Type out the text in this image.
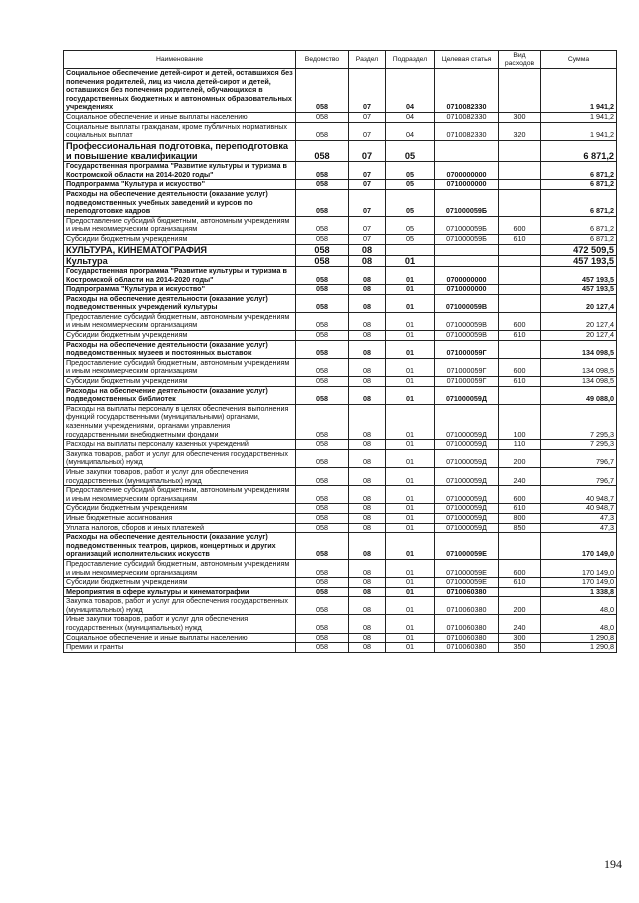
Наименование	Ведомство	Раздел	Подраздел	Целевая статья	Вид расходов	Сумма
Социальное обеспечение детей-сирот и детей, оставшихся без попечения родителей, лиц из числа детей-сирот и детей, оставшихся без попечения родителей, обучающихся в государственных бюджетных и автономных образовательных учреждениях	058	07	04	0710082330		1 941,2
Социальное обеспечение и иные выплаты населению	058	07	04	0710082330	300	1 941,2
Социальные выплаты гражданам, кроме публичных нормативных социальных выплат	058	07	04	0710082330	320	1 941,2
Профессиональная подготовка, переподготовка и повышение квалификации	058	07	05			6 871,2
Государственная программа "Развитие культуры и туризма в Костромской области на 2014-2020 годы"	058	07	05	0700000000		6 871,2
Подпрограмма "Культура и искусство"	058	07	05	0710000000		6 871,2
Расходы на обеспечение деятельности (оказание услуг) подведомственных учебных заведений и курсов по переподготовке кадров	058	07	05	071000059Б		6 871,2
Предоставление субсидий бюджетным, автономным учреждениям и иным некоммерческим организациям	058	07	05	071000059Б	600	6 871,2
Субсидии бюджетным учреждениям	058	07	05	071000059Б	610	6 871,2
КУЛЬТУРА, КИНЕМАТОГРАФИЯ	058	08				472 509,5
Культура	058	08	01			457 193,5
Государственная программа "Развитие культуры и туризма в Костромской области на 2014-2020 годы"	058	08	01	0700000000		457 193,5
Подпрограмма "Культура и искусство"	058	08	01	0710000000		457 193,5
Расходы на обеспечение деятельности (оказание услуг) подведомственных учреждений культуры	058	08	01	071000059В		20 127,4
Предоставление субсидий бюджетным, автономным учреждениям и иным некоммерческим организациям	058	08	01	071000059В	600	20 127,4
Субсидии бюджетным учреждениям	058	08	01	071000059В	610	20 127,4
Расходы на обеспечение деятельности (оказание услуг) подведомственных музеев и постоянных выставок	058	08	01	071000059Г		134 098,5
Предоставление субсидий бюджетным, автономным учреждениям и иным некоммерческим организациям	058	08	01	071000059Г	600	134 098,5
Субсидии бюджетным учреждениям	058	08	01	071000059Г	610	134 098,5
Расходы на обеспечение деятельности (оказание услуг) подведомственных библиотек	058	08	01	071000059Д		49 088,0
Расходы на выплаты персоналу в целях обеспечения выполнения функций государственными (муниципальными) органами, казенными учреждениями, органами управления государственными внебюджетными фондами	058	08	01	071000059Д	100	7 295,3
Расходы на выплаты персоналу казенных учреждений	058	08	01	071000059Д	110	7 295,3
Закупка товаров, работ и услуг для обеспечения государственных (муниципальных) нужд	058	08	01	071000059Д	200	796,7
Иные закупки товаров, работ и услуг для обеспечения государственных (муниципальных) нужд	058	08	01	071000059Д	240	796,7
Предоставление субсидий бюджетным, автономным учреждениям и иным некоммерческим организациям	058	08	01	071000059Д	600	40 948,7
Субсидии бюджетным учреждениям	058	08	01	071000059Д	610	40 948,7
Иные бюджетные ассигнования	058	08	01	071000059Д	800	47,3
Уплата налогов, сборов и иных платежей	058	08	01	071000059Д	850	47,3
Расходы на обеспечение деятельности (оказание услуг) подведомственных театров, цирков, концертных и других организаций исполнительских искусств	058	08	01	071000059Е		170 149,0
Предоставление субсидий бюджетным, автономным учреждениям и иным некоммерческим организациям	058	08	01	071000059Е	600	170 149,0
Субсидии бюджетным учреждениям	058	08	01	071000059Е	610	170 149,0
Мероприятия в сфере культуры и кинематографии	058	08	01	0710060380		1 338,8
Закупка товаров, работ и услуг для обеспечения государственных (муниципальных) нужд	058	08	01	0710060380	200	48,0
Иные закупки товаров, работ и услуг для обеспечения государственных (муниципальных) нужд	058	08	01	0710060380	240	48,0
Социальное обеспечение и иные выплаты населению	058	08	01	0710060380	300	1 290,8
Премии и гранты	058	08	01	0710060380	350	1 290,8
194
